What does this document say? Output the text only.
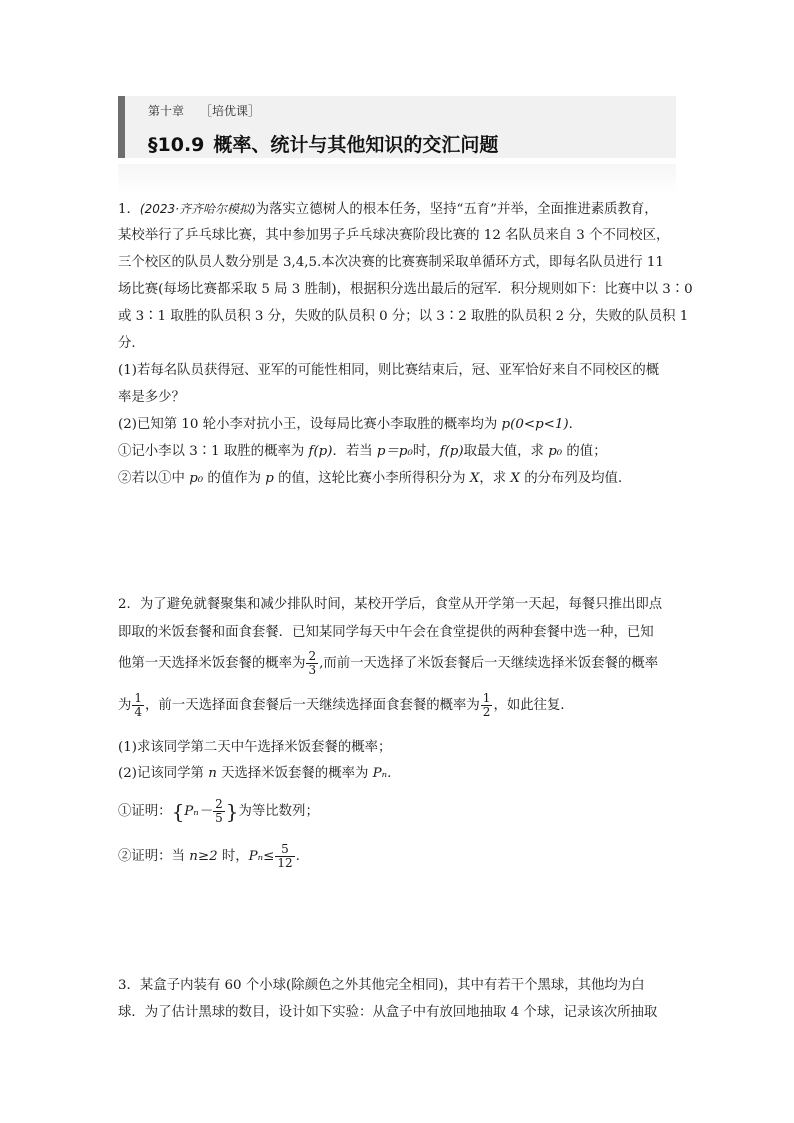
第十章 ［培优课］
§10.9 概率、统计与其他知识的交汇问题
1．(2023·齐齐哈尔模拟)为落实立德树人的根本任务，坚持“五育”并举，全面推进素质教育，
某校举行了乒乓球比赛，其中参加男子乒乓球决赛阶段比赛的 12 名队员来自 3 个不同校区，
三个校区的队员人数分别是 3,4,5.本次决赛的比赛赛制采取单循环方式，即每名队员进行 11
场比赛(每场比赛都采取 5 局 3 胜制)，根据积分选出最后的冠军．积分规则如下：比赛中以 3∶0
或 3∶1 取胜的队员积 3 分，失败的队员积 0 分；以 3∶2 取胜的队员积 2 分，失败的队员积 1
分．
(1)若每名队员获得冠、亚军的可能性相同，则比赛结束后，冠、亚军恰好来自不同校区的概
率是多少？
(2)已知第 10 轮小李对抗小王，设每局比赛小李取胜的概率均为 p(0<p<1)．
①记小李以 3∶1 取胜的概率为 f(p)．若当 p＝p₀时，f(p)取最大值，求 p₀ 的值；
②若以①中 p₀ 的值作为 p 的值，这轮比赛小李所得积分为 X，求 X 的分布列及均值．
2．为了避免就餐聚集和减少排队时间，某校开学后，食堂从开学第一天起，每餐只推出即点
即取的米饭套餐和面食套餐．已知某同学每天中午会在食堂提供的两种套餐中选一种，已知
他第一天选择米饭套餐的概率为 $\frac{2}{3}$ ,而前一天选择了米饭套餐后一天继续选择米饭套餐的概率
为 $\frac{1}{4}$ ，前一天选择面食套餐后一天继续选择面食套餐的概率为 $\frac{1}{2}$ ，如此往复．
(1)求该同学第二天中午选择米饭套餐的概率；
(2)记该同学第 n 天选择米饭套餐的概率为 Pₙ.
①证明：{$P_n- \frac{2}{5}$ }为等比数列；
②证明：当 n≥2 时，$P_n\le \frac{5}{12}$ .
3．某盒子内装有 60 个小球(除颜色之外其他完全相同)，其中有若干个黑球，其他均为白
球．为了估计黑球的数目，设计如下实验：从盒子中有放回地抽取 4 个球，记录该次所抽取
